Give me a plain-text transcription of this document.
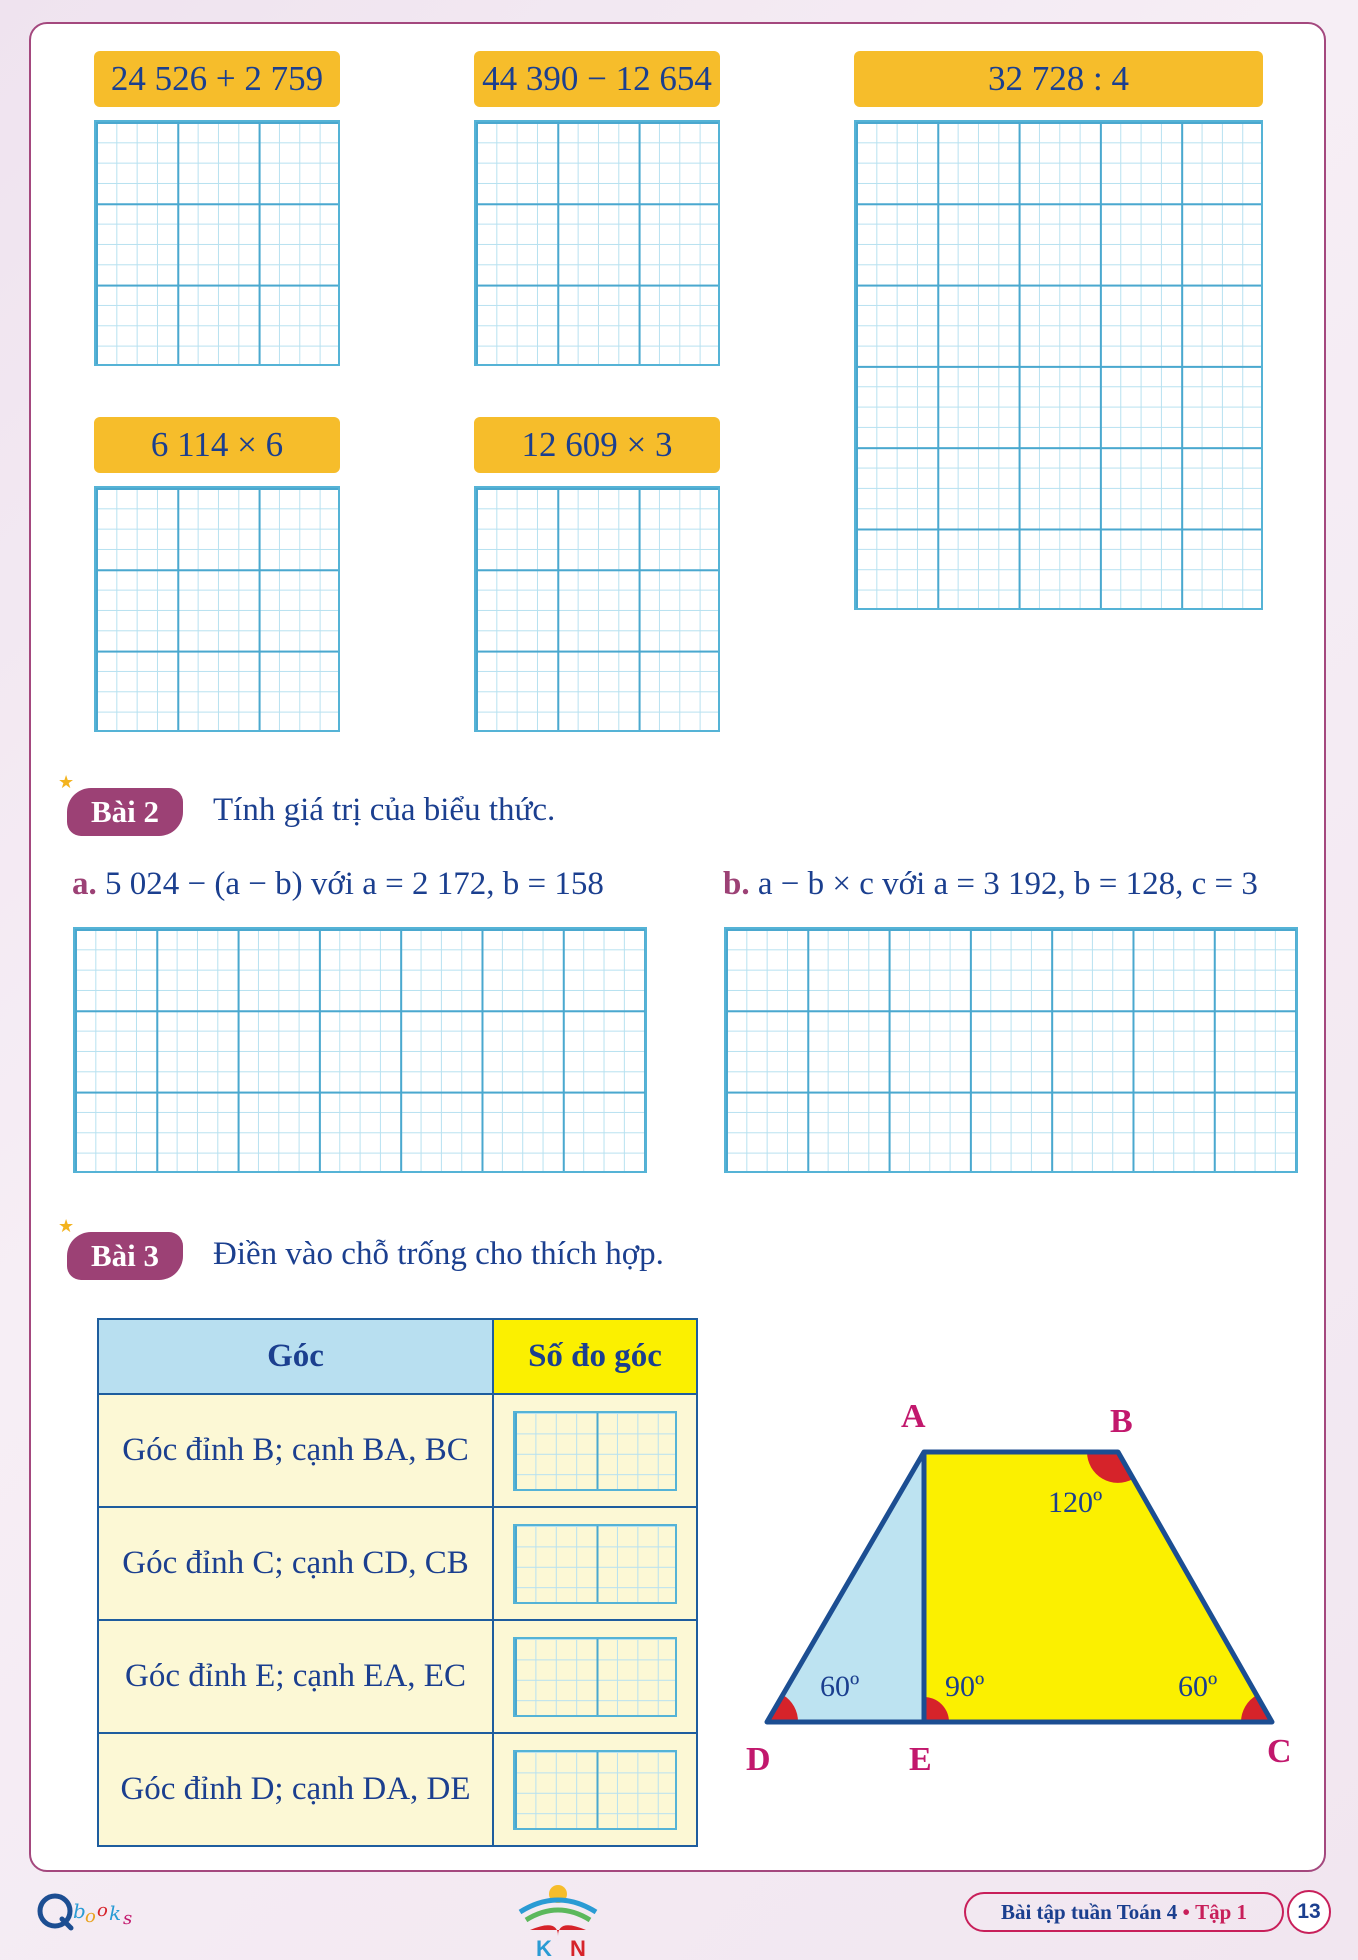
24 526 + 2 759	44 390 − 12 654	32 728 : 4
6 114 × 6	12 609 × 3
★
Bài 2	Tính giá trị của biểu thức.
a. 5 024 − (a − b) với a = 2 172, b = 158	b. a − b × c với a = 3 192, b = 128, c = 3
★
Bài 3	Điền vào chỗ trống cho thích hợp.
Góc	Số đo góc
Góc đỉnh B; cạnh BA, BC	

Góc đỉnh C; cạnh CD, CB	

Góc đỉnh E; cạnh EA, EC	

Góc đỉnh D; cạnh DA, DE	
120º
60º	90º	60º
A	B
C
D	E
b o o k s
K N
Bài tập tuần Toán 4
•
Tập 1	13
